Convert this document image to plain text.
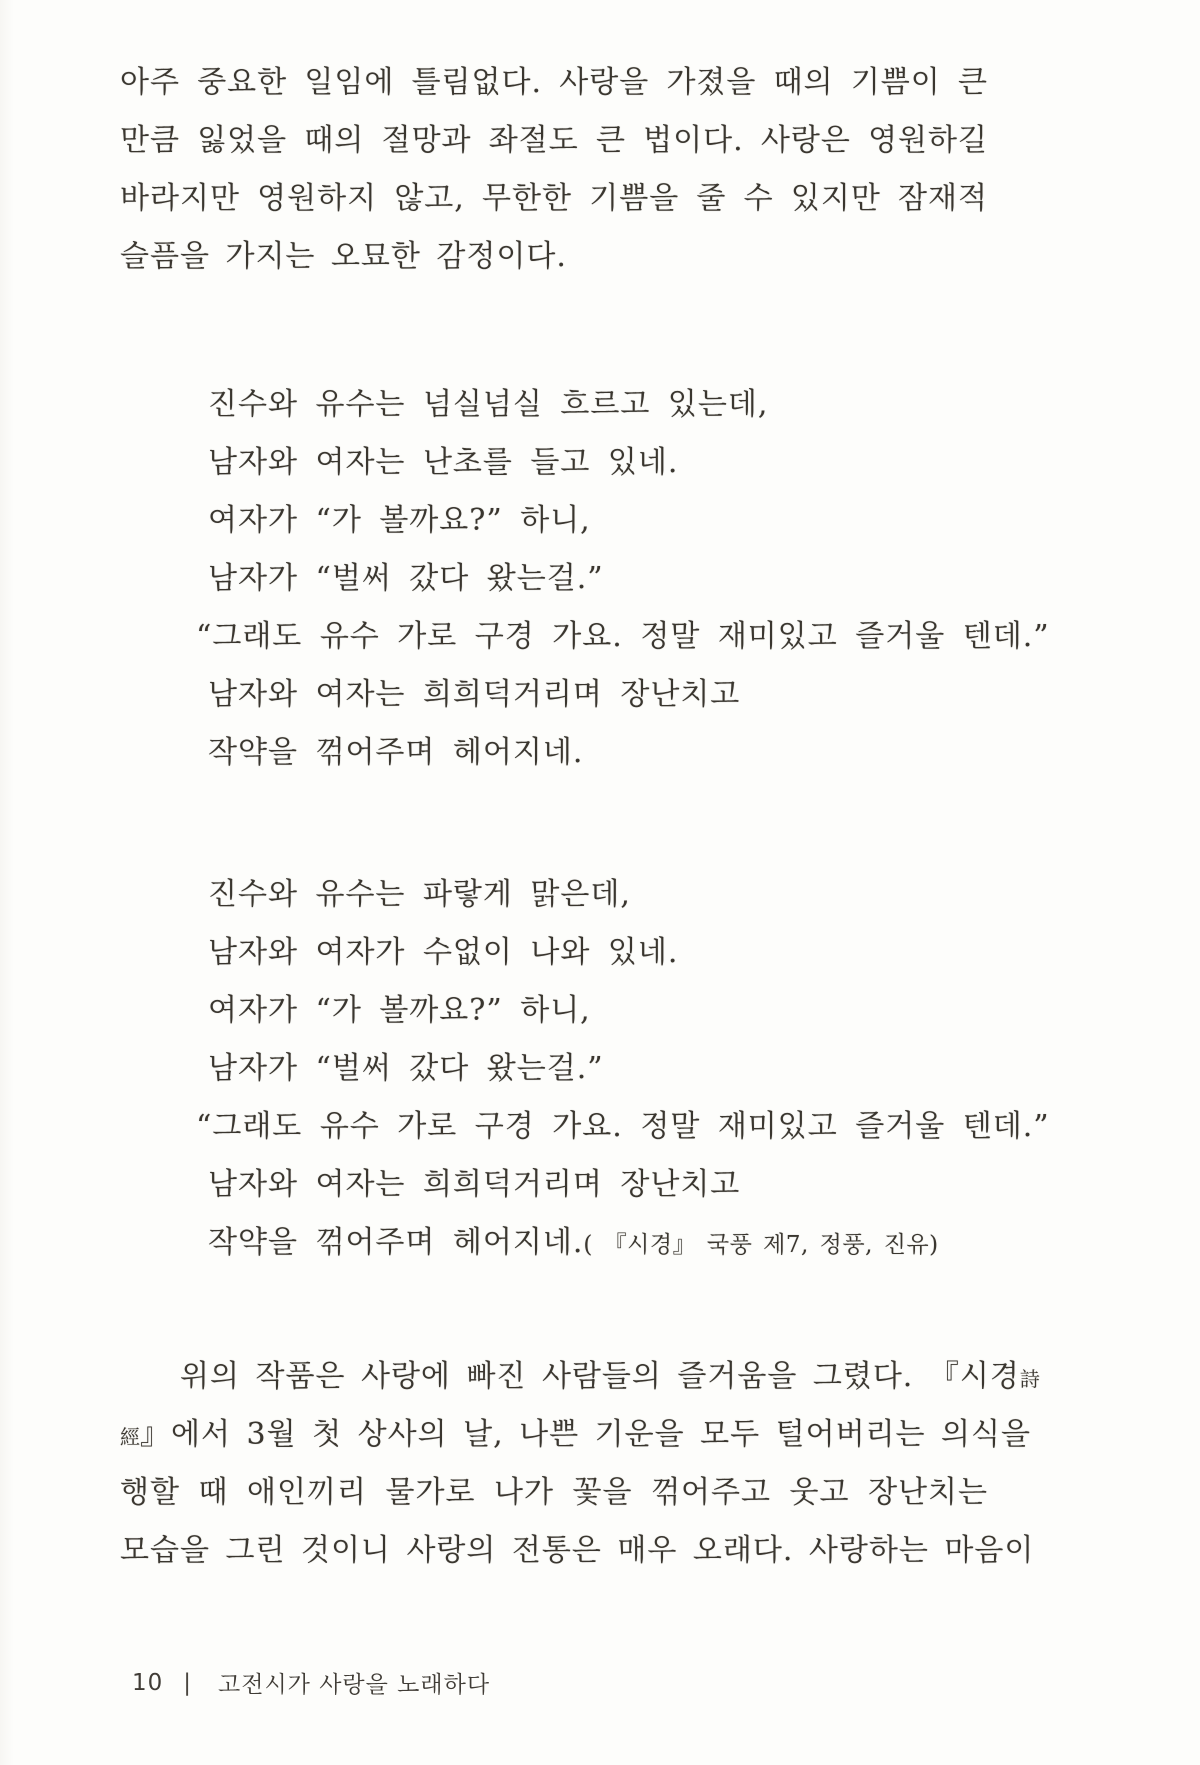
아주 중요한 일임에 틀림없다. 사랑을 가졌을 때의 기쁨이 큰
만큼 잃었을 때의 절망과 좌절도 큰 법이다. 사랑은 영원하길
바라지만 영원하지 않고, 무한한 기쁨을 줄 수 있지만 잠재적
슬픔을 가지는 오묘한 감정이다.
진수와 유수는 넘실넘실 흐르고 있는데,
남자와 여자는 난초를 들고 있네.
여자가 “가 볼까요?” 하니,
남자가 “벌써 갔다 왔는걸.”
“그래도 유수 가로 구경 가요. 정말 재미있고 즐거울 텐데.”
남자와 여자는 희희덕거리며 장난치고
작약을 꺾어주며 헤어지네.
진수와 유수는 파랗게 맑은데,
남자와 여자가 수없이 나와 있네.
여자가 “가 볼까요?” 하니,
남자가 “벌써 갔다 왔는걸.”
“그래도 유수 가로 구경 가요. 정말 재미있고 즐거울 텐데.”
남자와 여자는 희희덕거리며 장난치고
작약을 꺾어주며 헤어지네.( 『시경』 국풍 제7, 정풍, 진유)
위의 작품은 사랑에 빠진 사람들의 즐거움을 그렸다. 『시경詩
經』에서 3월 첫 상사의 날, 나쁜 기운을 모두 털어버리는 의식을
행할 때 애인끼리 물가로 나가 꽃을 꺾어주고 웃고 장난치는
모습을 그린 것이니 사랑의 전통은 매우 오래다. 사랑하는 마음이
10 | 고전시가 사랑을 노래하다
